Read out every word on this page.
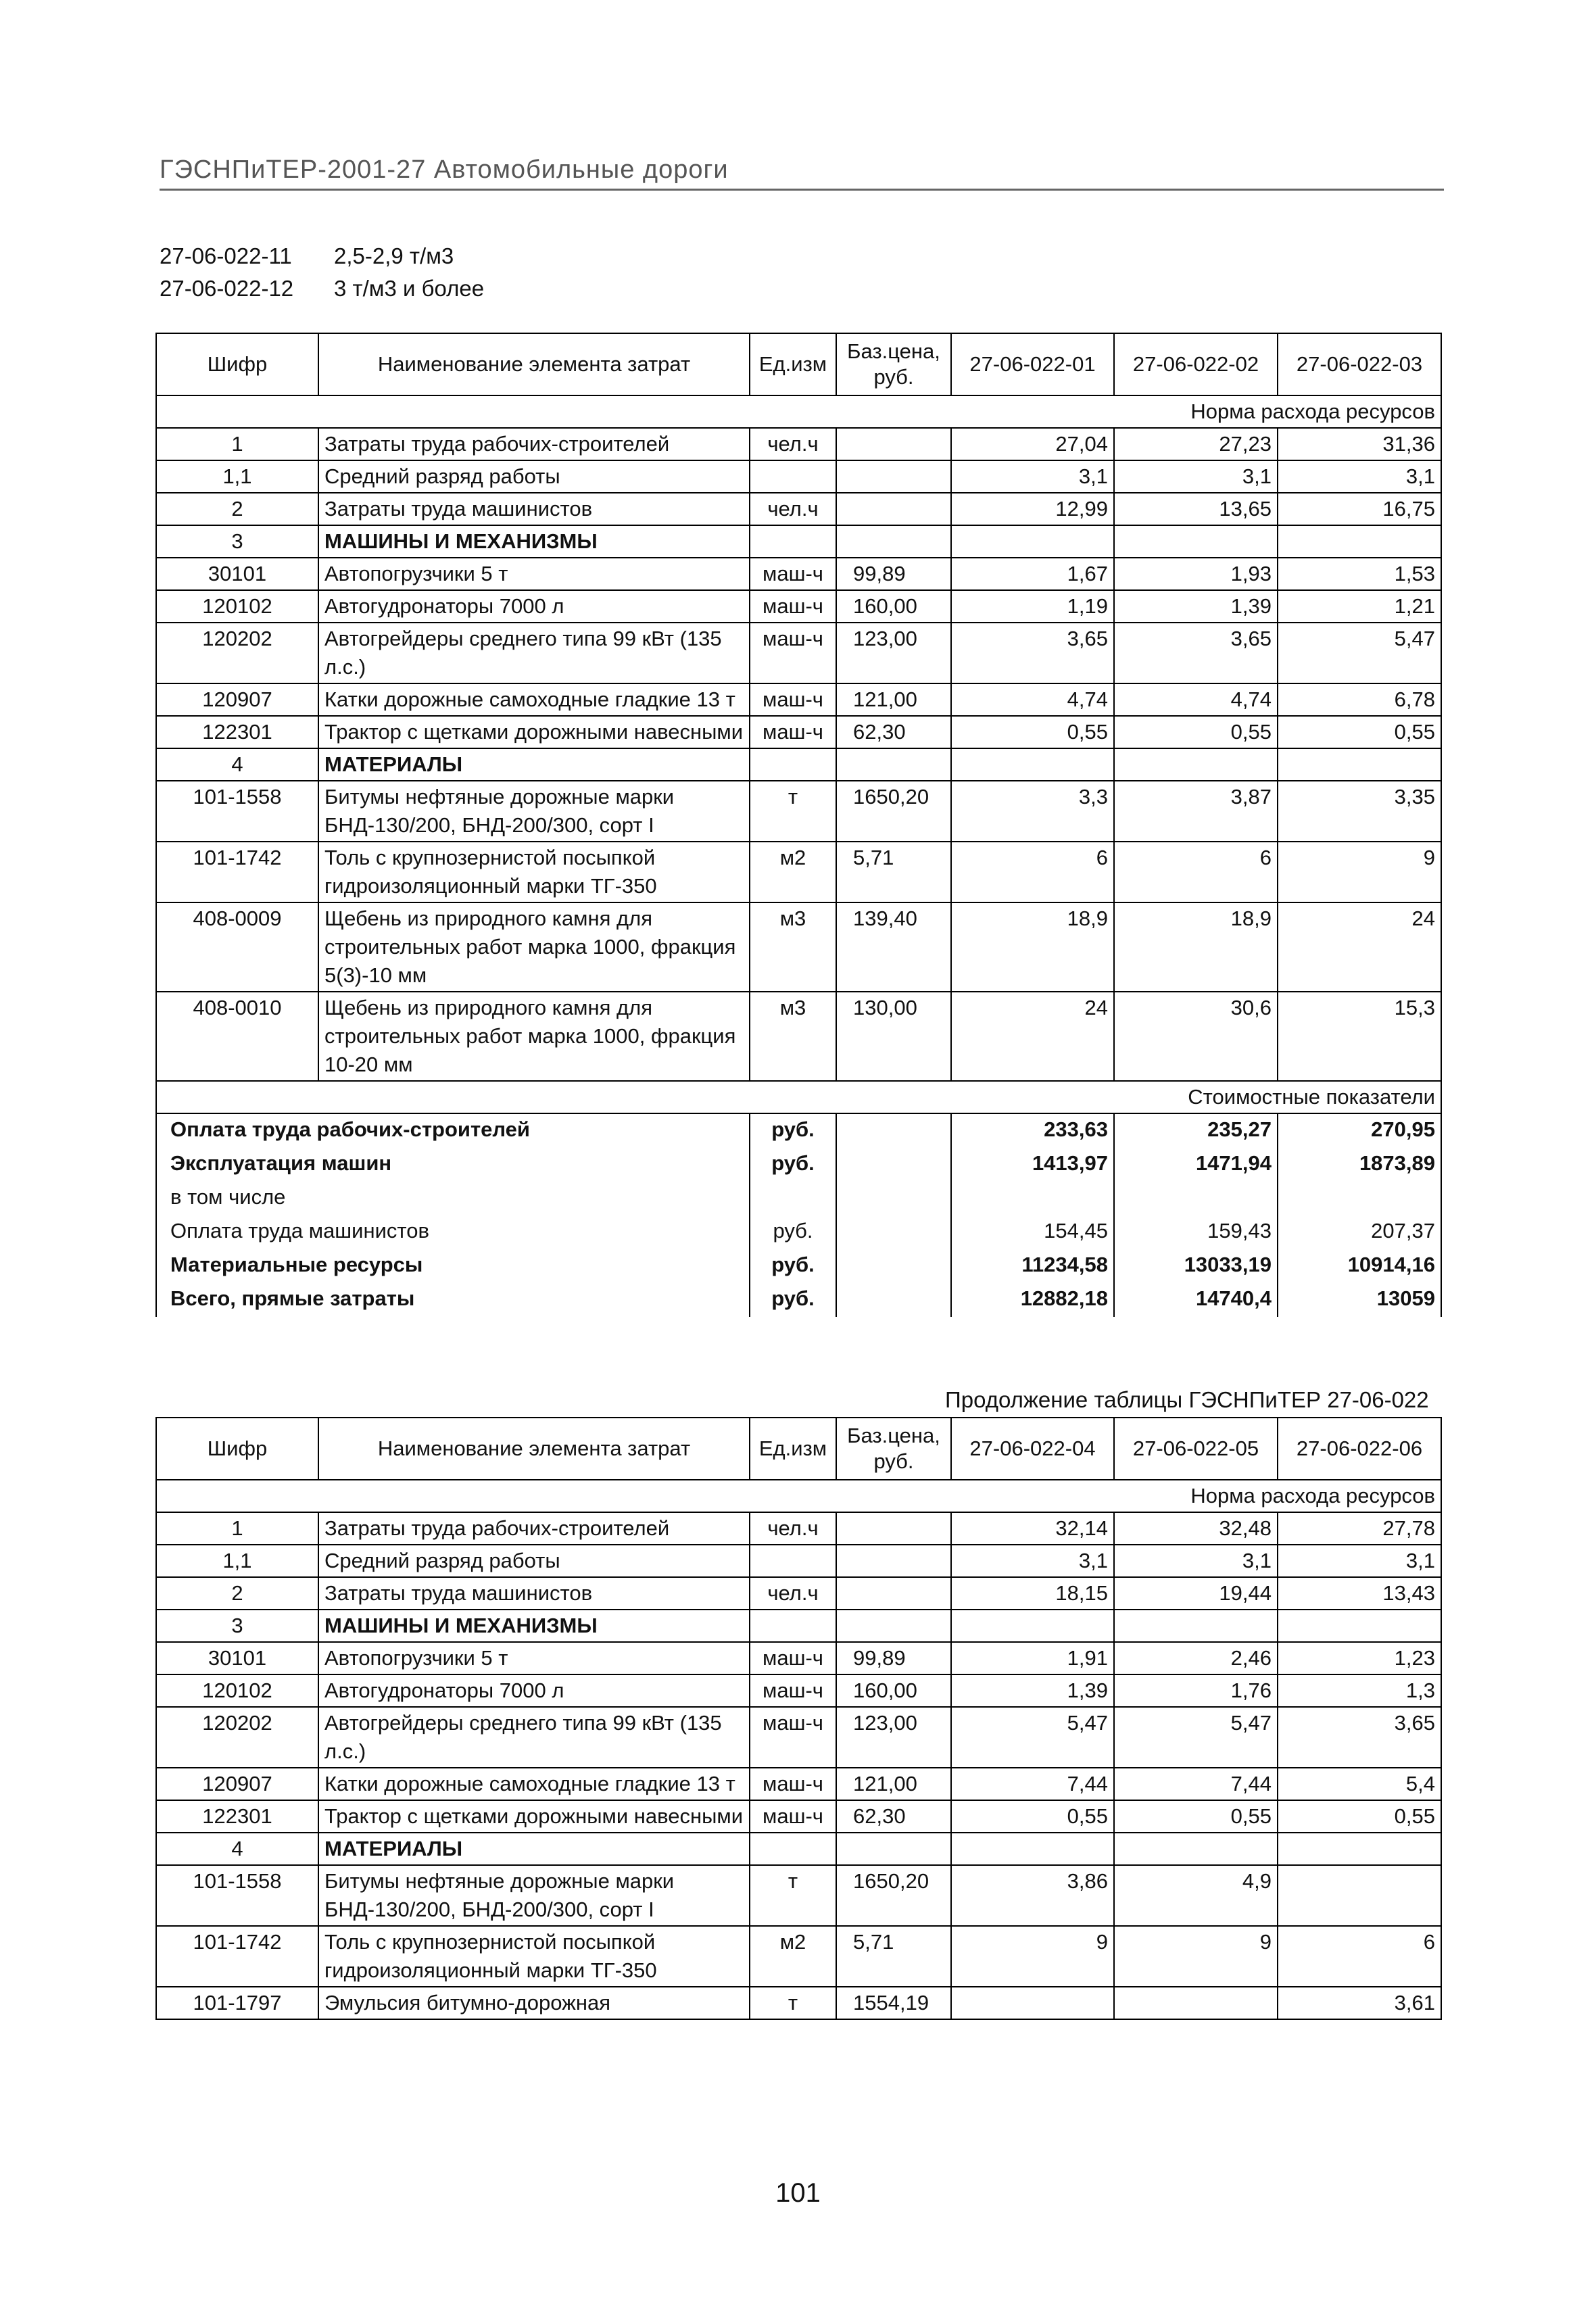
ГЭСНПиТЕР-2001-27 Автомобильные дороги
27-06-022-11	2,5-2,9 т/м3
27-06-022-12	3 т/м3 и более
Шифр	Наименование элемента затрат	Ед.изм	Баз.цена, руб.	27-06-022-01	27-06-022-02	27-06-022-03
Норма расхода ресурсов						
1	Затраты труда рабочих-строителей	чел.ч		27,04	27,23	31,36
1,1	Средний разряд работы			3,1	3,1	3,1
2	Затраты труда машинистов	чел.ч		12,99	13,65	16,75
3	МАШИНЫ И МЕХАНИЗМЫ					
30101	Автопогрузчики 5 т	маш-ч	99,89	1,67	1,93	1,53
120102	Автогудронаторы 7000 л	маш-ч	160,00	1,19	1,39	1,21
120202	Автогрейдеры среднего типа 99 кВт (135 л.с.)	маш-ч	123,00	3,65	3,65	5,47
120907	Катки дорожные самоходные гладкие 13 т	маш-ч	121,00	4,74	4,74	6,78
122301	Трактор с щетками дорожными навесными	маш-ч	62,30	0,55	0,55	0,55
4	МАТЕРИАЛЫ					
101-1558	Битумы нефтяные дорожные марки БНД-130/200, БНД-200/300, сорт I	т	1650,20	3,3	3,87	3,35
101-1742	Толь с крупнозернистой посыпкой гидроизоляционный марки ТГ-350	м2	5,71	6	6	9
408-0009	Щебень из природного камня для строительных работ марка 1000, фракция 5(3)-10 мм	м3	139,40	18,9	18,9	24
408-0010	Щебень из природного камня для строительных работ марка 1000, фракция 10-20 мм	м3	130,00	24	30,6	15,3
Стоимостные показатели						
Оплата труда рабочих-строителей		руб.		233,63	235,27	270,95
Эксплуатация машин		руб.		1413,97	1471,94	1873,89
в том числе						
Оплата труда машинистов		руб.		154,45	159,43	207,37
Материальные ресурсы		руб.		11234,58	13033,19	10914,16
Всего, прямые затраты		руб.		12882,18	14740,4	13059
Продолжение таблицы ГЭСНПиТЕР 27-06-022
Шифр	Наименование элемента затрат	Ед.изм	Баз.цена, руб.	27-06-022-04	27-06-022-05	27-06-022-06
Норма расхода ресурсов						
1	Затраты труда рабочих-строителей	чел.ч		32,14	32,48	27,78
1,1	Средний разряд работы			3,1	3,1	3,1
2	Затраты труда машинистов	чел.ч		18,15	19,44	13,43
3	МАШИНЫ И МЕХАНИЗМЫ					
30101	Автопогрузчики 5 т	маш-ч	99,89	1,91	2,46	1,23
120102	Автогудронаторы 7000 л	маш-ч	160,00	1,39	1,76	1,3
120202	Автогрейдеры среднего типа 99 кВт (135 л.с.)	маш-ч	123,00	5,47	5,47	3,65
120907	Катки дорожные самоходные гладкие 13 т	маш-ч	121,00	7,44	7,44	5,4
122301	Трактор с щетками дорожными навесными	маш-ч	62,30	0,55	0,55	0,55
4	МАТЕРИАЛЫ					
101-1558	Битумы нефтяные дорожные марки БНД-130/200, БНД-200/300, сорт I	т	1650,20	3,86	4,9	
101-1742	Толь с крупнозернистой посыпкой гидроизоляционный марки ТГ-350	м2	5,71	9	9	6
101-1797	Эмульсия битумно-дорожная	т	1554,19			3,61
101
